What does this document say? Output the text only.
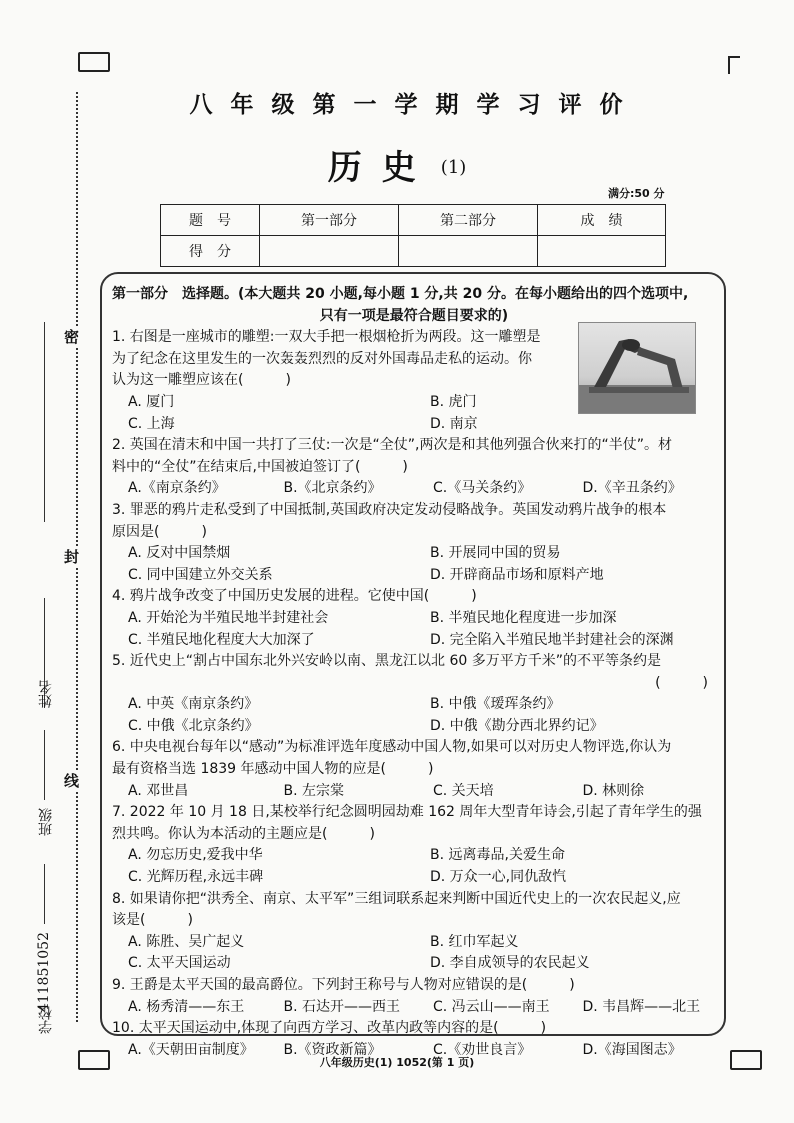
密
封
线
姓名
班级
411851052
学校
八年级第一学期学习评价
历史 (1)
满分:50 分
题　号	第一部分	第二部分	成　绩
得　分			

第一部分　选择题。(本大题共 20 小题,每小题 1 分,共 20 分。在每小题给出的四个选项中,

只有一项是最符合题目要求的)

1. 右图是一座城市的雕塑:一双大手把一根烟枪折为两段。这一雕塑是

为了纪念在这里发生的一次轰轰烈烈的反对外国毒品走私的运动。你

认为这一雕塑应该在(　　　)

A. 厦门	B. 虎门
C. 上海	D. 南京

2. 英国在清末和中国一共打了三仗:一次是“全仗”,两次是和其他列强合伙来打的“半仗”。材

料中的“全仗”在结束后,中国被迫签订了(　　　)

A.《南京条约》	B.《北京条约》	C.《马关条约》	D.《辛丑条约》

3. 罪恶的鸦片走私受到了中国抵制,英国政府决定发动侵略战争。英国发动鸦片战争的根本

原因是(　　　)

A. 反对中国禁烟	B. 开展同中国的贸易
C. 同中国建立外交关系	D. 开辟商品市场和原料产地

4. 鸦片战争改变了中国历史发展的进程。它使中国(　　　)

A. 开始沦为半殖民地半封建社会	B. 半殖民地化程度进一步加深
C. 半殖民地化程度大大加深了	D. 完全陷入半殖民地半封建社会的深渊

5. 近代史上“割占中国东北外兴安岭以南、黑龙江以北 60 多万平方千米”的不平等条约是

(　　　)

A. 中英《南京条约》	B. 中俄《瑷珲条约》
C. 中俄《北京条约》	D. 中俄《勘分西北界约记》

6. 中央电视台每年以“感动”为标准评选年度感动中国人物,如果可以对历史人物评选,你认为

最有资格当选 1839 年感动中国人物的应是(　　　)

A. 邓世昌	B. 左宗棠	C. 关天培	D. 林则徐

7. 2022 年 10 月 18 日,某校举行纪念圆明园劫难 162 周年大型青年诗会,引起了青年学生的强

烈共鸣。你认为本活动的主题应是(　　　)

A. 勿忘历史,爱我中华	B. 远离毒品,关爱生命
C. 光辉历程,永远丰碑	D. 万众一心,同仇敌忾

8. 如果请你把“洪秀全、南京、太平军”三组词联系起来判断中国近代史上的一次农民起义,应

该是(　　　)

A. 陈胜、吴广起义	B. 红巾军起义
C. 太平天国运动	D. 李自成领导的农民起义

9. 王爵是太平天国的最高爵位。下列封王称号与人物对应错误的是(　　　)

A. 杨秀清——东王	B. 石达开——西王	C. 冯云山——南王	D. 韦昌辉——北王

10. 太平天国运动中,体现了向西方学习、改革内政等内容的是(　　　)

A.《天朝田亩制度》	B.《资政新篇》	C.《劝世良言》	D.《海国图志》
八年级历史(1) 1052(第 1 页)
